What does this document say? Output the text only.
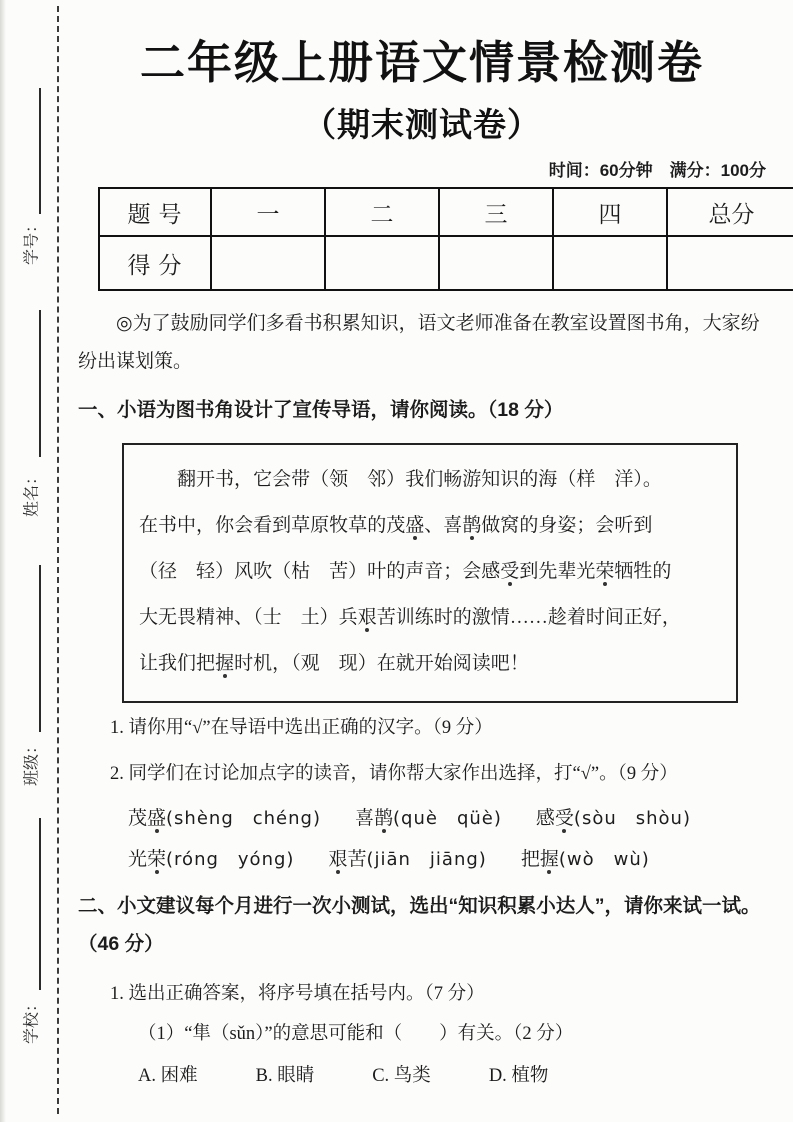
学号：
姓名：
班级：
学校：
二年级上册语文情景检测卷
（期末测试卷）
时间：60分钟　满分：100分
题号	一	二	三	四	总分
得分					

◎为了鼓励同学们多看书积累知识，语文老师准备在教室设置图书角，大家纷纷出谋划策。

一、小语为图书角设计了宣传导语，请你阅读。（18 分）
翻开书，它会带（领　 邻）我们畅游知识的海（样　 洋）。
在书中，你会看到草原牧草的茂盛、喜鹊做窝的身姿；会听到
（径　 轻）风吹（枯　 苦）叶的声音；会感受到先辈光荣牺牲的
大无畏精神、（士　 土）兵艰苦训练时的激情……趁着时间正好，
让我们把握时机，（观　 现）在就开始阅读吧！
1. 请你用“√”在导语中选出正确的汉字。（9 分）
2. 同学们在讨论加点字的读音，请你帮大家作出选择，打“√”。（9 分）
茂盛(shèng　chéng) 喜鹊(què　qüè) 感受(sòu　shòu)
光荣(róng　yóng) 艰苦(jiān　jiāng) 把握(wò　wù)
二、小文建议每个月进行一次小测试，选出“知识积累小达人”，请你来试一试。（46 分）
1. 选出正确答案，将序号填在括号内。（7 分）
（1）“隼（sǔn）”的意思可能和（　　）有关。（2 分）
A. 困难	B. 眼睛	C. 鸟类	D. 植物
